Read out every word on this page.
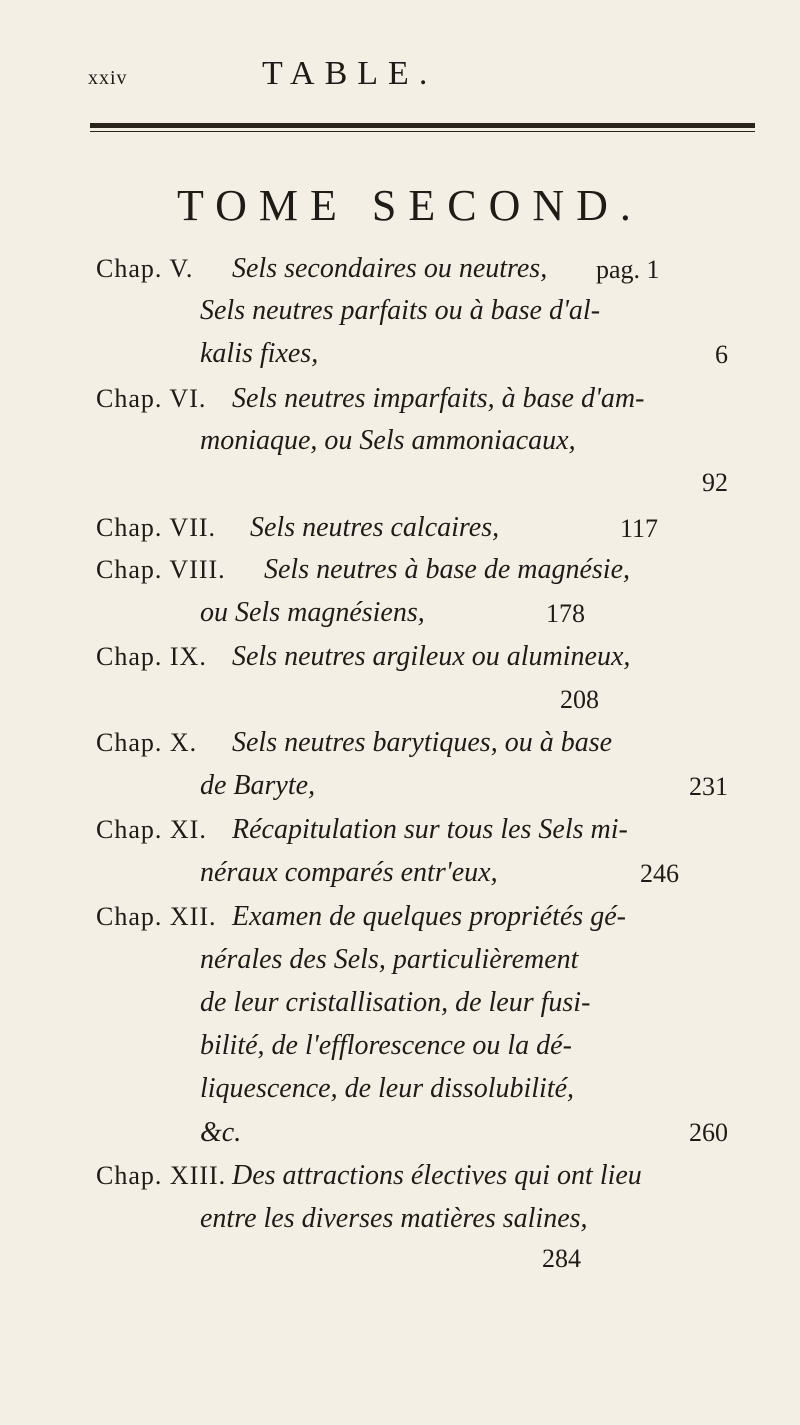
xxiv	TABLE.
TOME SECOND.
Chap. V. Sels secondaires ou neutres, pag. 1
Sels neutres parfaits ou à base d'al-
kalis fixes,	6
Chap. VI. Sels neutres imparfaits, à base d'am-
moniaque, ou Sels ammoniacaux,
92
Chap. VII. Sels neutres calcaires,	117
Chap. VIII. Sels neutres à base de magnésie,
ou Sels magnésiens,	178
Chap. IX. Sels neutres argileux ou alumineux,
208
Chap. X. Sels neutres barytiques, ou à base
de Baryte,	231
Chap. XI. Récapitulation sur tous les Sels mi-
néraux comparés entr'eux,	246
Chap. XII. Examen de quelques propriétés gé-
nérales des Sels, particulièrement
de leur cristallisation, de leur fusi-
bilité, de l'efflorescence ou la dé-
liquescence, de leur dissolubilité,
&c.	260
Chap. XIII. Des attractions électives qui ont lieu
entre les diverses matières salines,
284
